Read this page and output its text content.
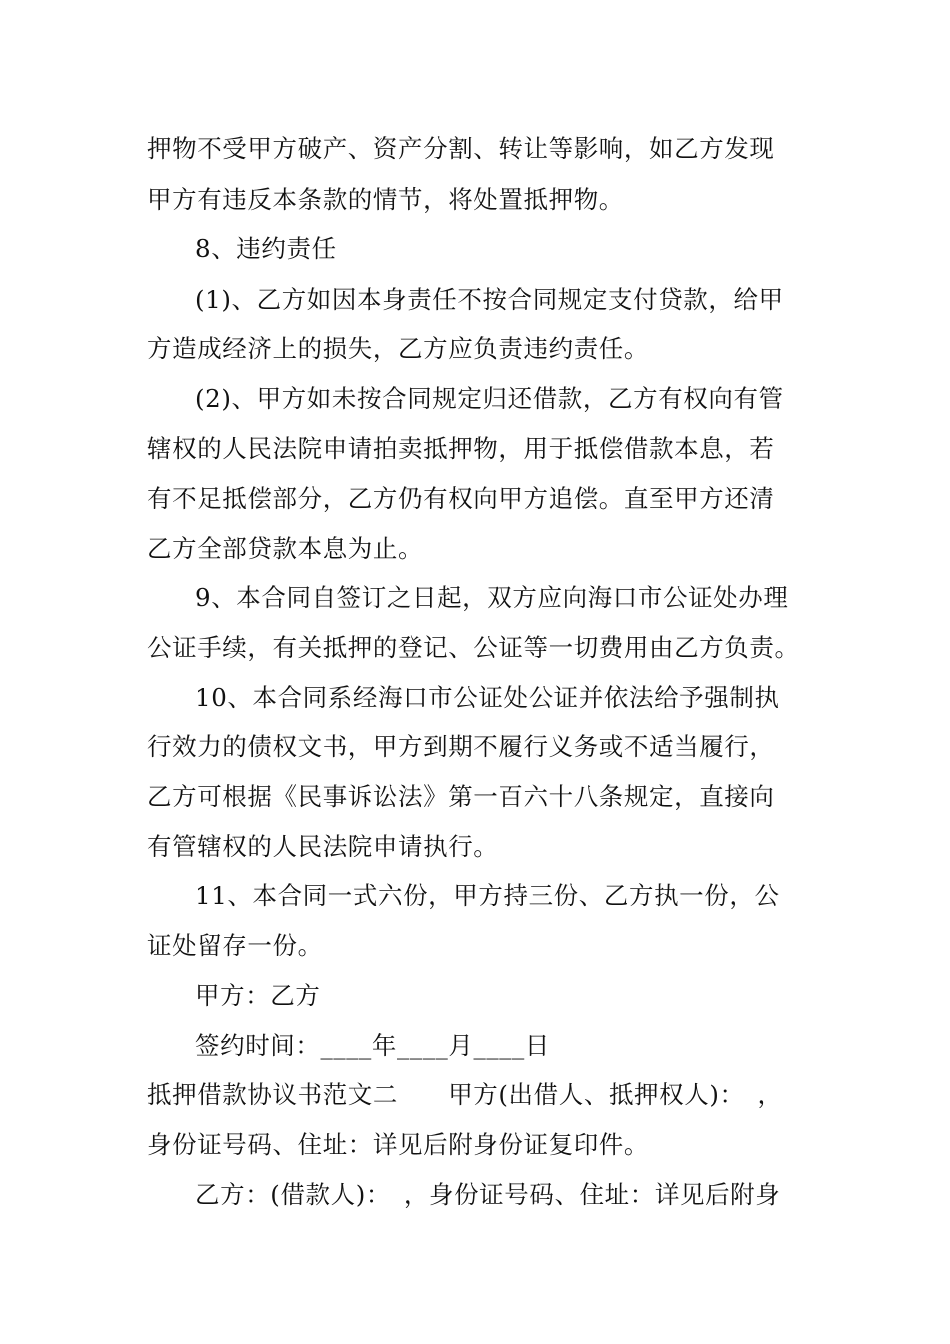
押物不受甲方破产、资产分割、转让等影响，如乙方发现

甲方有违反本条款的情节，将处置抵押物。

8、违约责任

(1)、乙方如因本身责任不按合同规定支付贷款，给甲

方造成经济上的损失，乙方应负责违约责任。

(2)、甲方如未按合同规定归还借款，乙方有权向有管

辖权的人民法院申请拍卖抵押物，用于抵偿借款本息，若

有不足抵偿部分，乙方仍有权向甲方追偿。直至甲方还清

乙方全部贷款本息为止。

9、本合同自签订之日起，双方应向海口市公证处办理

公证手续，有关抵押的登记、公证等一切费用由乙方负责。

10、本合同系经海口市公证处公证并依法给予强制执

行效力的债权文书，甲方到期不履行义务或不适当履行，

乙方可根据《民事诉讼法》第一百六十八条规定，直接向

有管辖权的人民法院申请执行。

11、本合同一式六份，甲方持三份、乙方执一份，公

证处留存一份。

甲方：乙方

签约时间：____年____月____日

抵押借款协议书范文二　　甲方(出借人、抵押权人)：　，

身份证号码、住址：详见后附身份证复印件。

乙方：(借款人)：　，身份证号码、住址：详见后附身
